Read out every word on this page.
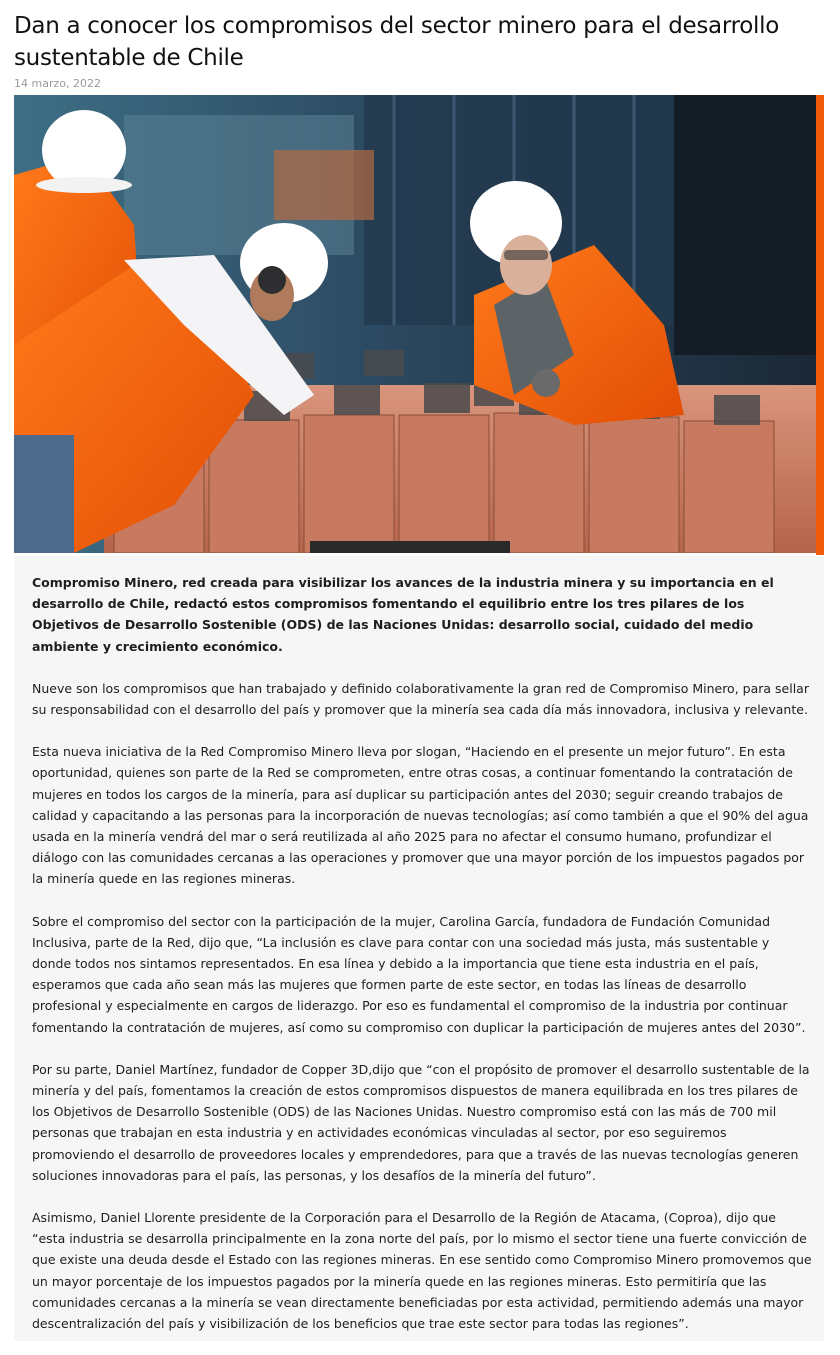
Dan a conocer los compromisos del sector minero para el desarrollo sustentable de Chile
14 marzo, 2022

Compromiso Minero, red creada para visibilizar los avances de la industria minera y su importancia en el desarrollo de Chile, redactó estos compromisos fomentando el equilibrio entre los tres pilares de los Objetivos de Desarrollo Sostenible (ODS) de las Naciones Unidas: desarrollo social, cuidado del medio ambiente y crecimiento económico.

Nueve son los compromisos que han trabajado y definido colaborativamente la gran red de Compromiso Minero, para sellar su responsabilidad con el desarrollo del país y promover que la minería sea cada día más innovadora, inclusiva y relevante.

Esta nueva iniciativa de la Red Compromiso Minero lleva por slogan, “Haciendo en el presente un mejor futuro”. En esta oportunidad, quienes son parte de la Red se comprometen, entre otras cosas, a continuar fomentando la contratación de mujeres en todos los cargos de la minería, para así duplicar su participación antes del 2030; seguir creando trabajos de calidad y capacitando a las personas para la incorporación de nuevas tecnologías; así como también a que el 90% del agua usada en la minería vendrá del mar o será reutilizada al año 2025 para no afectar el consumo humano, profundizar el diálogo con las comunidades cercanas a las operaciones y promover que una mayor porción de los impuestos pagados por la minería quede en las regiones mineras.

Sobre el compromiso del sector con la participación de la mujer, Carolina García, fundadora de Fundación Comunidad Inclusiva, parte de la Red, dijo que, “La inclusión es clave para contar con una sociedad más justa, más sustentable y donde todos nos sintamos representados. En esa línea y debido a la importancia que tiene esta industria en el país, esperamos que cada año sean más las mujeres que formen parte de este sector, en todas las líneas de desarrollo profesional y especialmente en cargos de liderazgo. Por eso es fundamental el compromiso de la industria por continuar fomentando la contratación de mujeres, así como su compromiso con duplicar la participación de mujeres antes del 2030”.

Por su parte, Daniel Martínez, fundador de Copper 3D,dijo que “con el propósito de promover el desarrollo sustentable de la minería y del país, fomentamos la creación de estos compromisos dispuestos de manera equilibrada en los tres pilares de los Objetivos de Desarrollo Sostenible (ODS) de las Naciones Unidas. Nuestro compromiso está con las más de 700 mil personas que trabajan en esta industria y en actividades económicas vinculadas al sector, por eso seguiremos promoviendo el desarrollo de proveedores locales y emprendedores, para que a través de las nuevas tecnologías generen soluciones innovadoras para el país, las personas, y los desafíos de la minería del futuro”.

Asimismo, Daniel Llorente presidente de la Corporación para el Desarrollo de la Región de Atacama, (Coproa), dijo que “esta industria se desarrolla principalmente en la zona norte del país, por lo mismo el sector tiene una fuerte convicción de que existe una deuda desde el Estado con las regiones mineras. En ese sentido como Compromiso Minero promovemos que un mayor porcentaje de los impuestos pagados por la minería quede en las regiones mineras. Esto permitiría que las comunidades cercanas a la minería se vean directamente beneficiadas por esta actividad, permitiendo además una mayor descentralización del país y visibilización de los beneficios que trae este sector para todas las regiones”.
